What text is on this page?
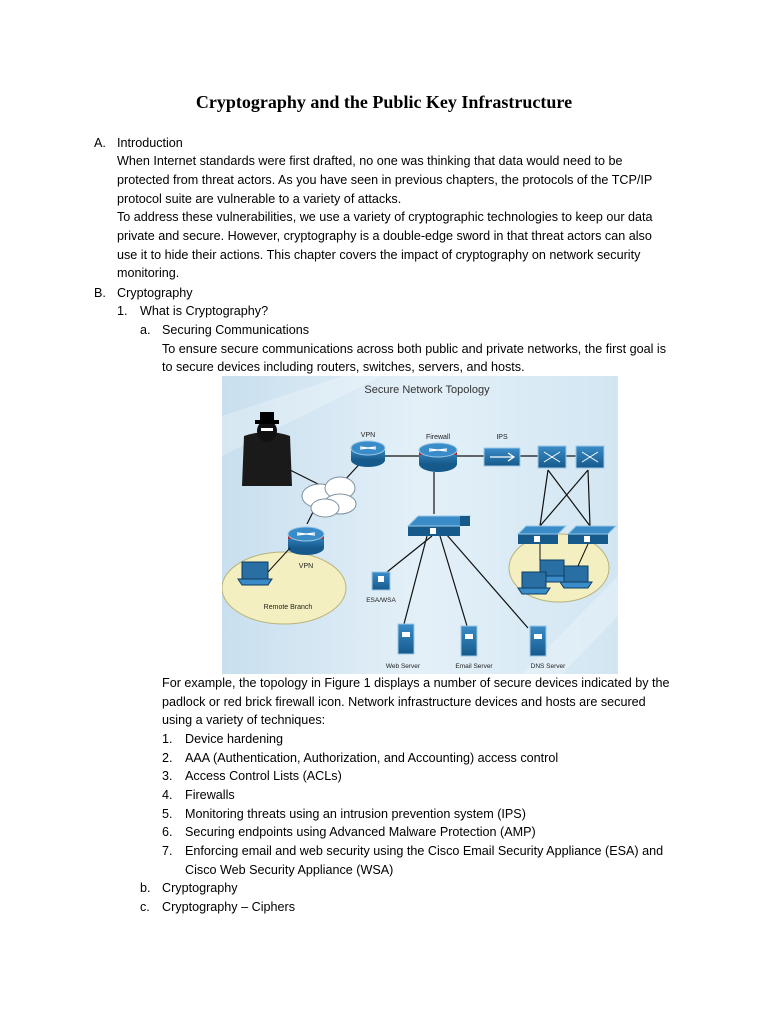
Cryptography and the Public Key Infrastructure
A. Introduction
When Internet standards were first drafted, no one was thinking that data would need to be
protected from threat actors. As you have seen in previous chapters, the protocols of the TCP/IP
protocol suite are vulnerable to a variety of attacks.
To address these vulnerabilities, we use a variety of cryptographic technologies to keep our data
private and secure. However, cryptography is a double-edge sword in that threat actors can also
use it to hide their actions. This chapter covers the impact of cryptography on network security
monitoring.
B. Cryptography
1. What is Cryptography?
a. Securing Communications
To ensure secure communications across both public and private networks, the first goal is
to secure devices including routers, switches, servers, and hosts.
Secure Network Topology
VPN	Firewall	IPS
VPN
Remote Branch
ESA/WSA
Web Server	Email Server	DNS Server
For example, the topology in Figure 1 displays a number of secure devices indicated by the
padlock or red brick firewall icon. Network infrastructure devices and hosts are secured
using a variety of techniques:
1. Device hardening
2. AAA (Authentication, Authorization, and Accounting) access control
3. Access Control Lists (ACLs)
4. Firewalls
5. Monitoring threats using an intrusion prevention system (IPS)
6. Securing endpoints using Advanced Malware Protection (AMP)
7. Enforcing email and web security using the Cisco Email Security Appliance (ESA) and
Cisco Web Security Appliance (WSA)
b. Cryptography
c. Cryptography – Ciphers
